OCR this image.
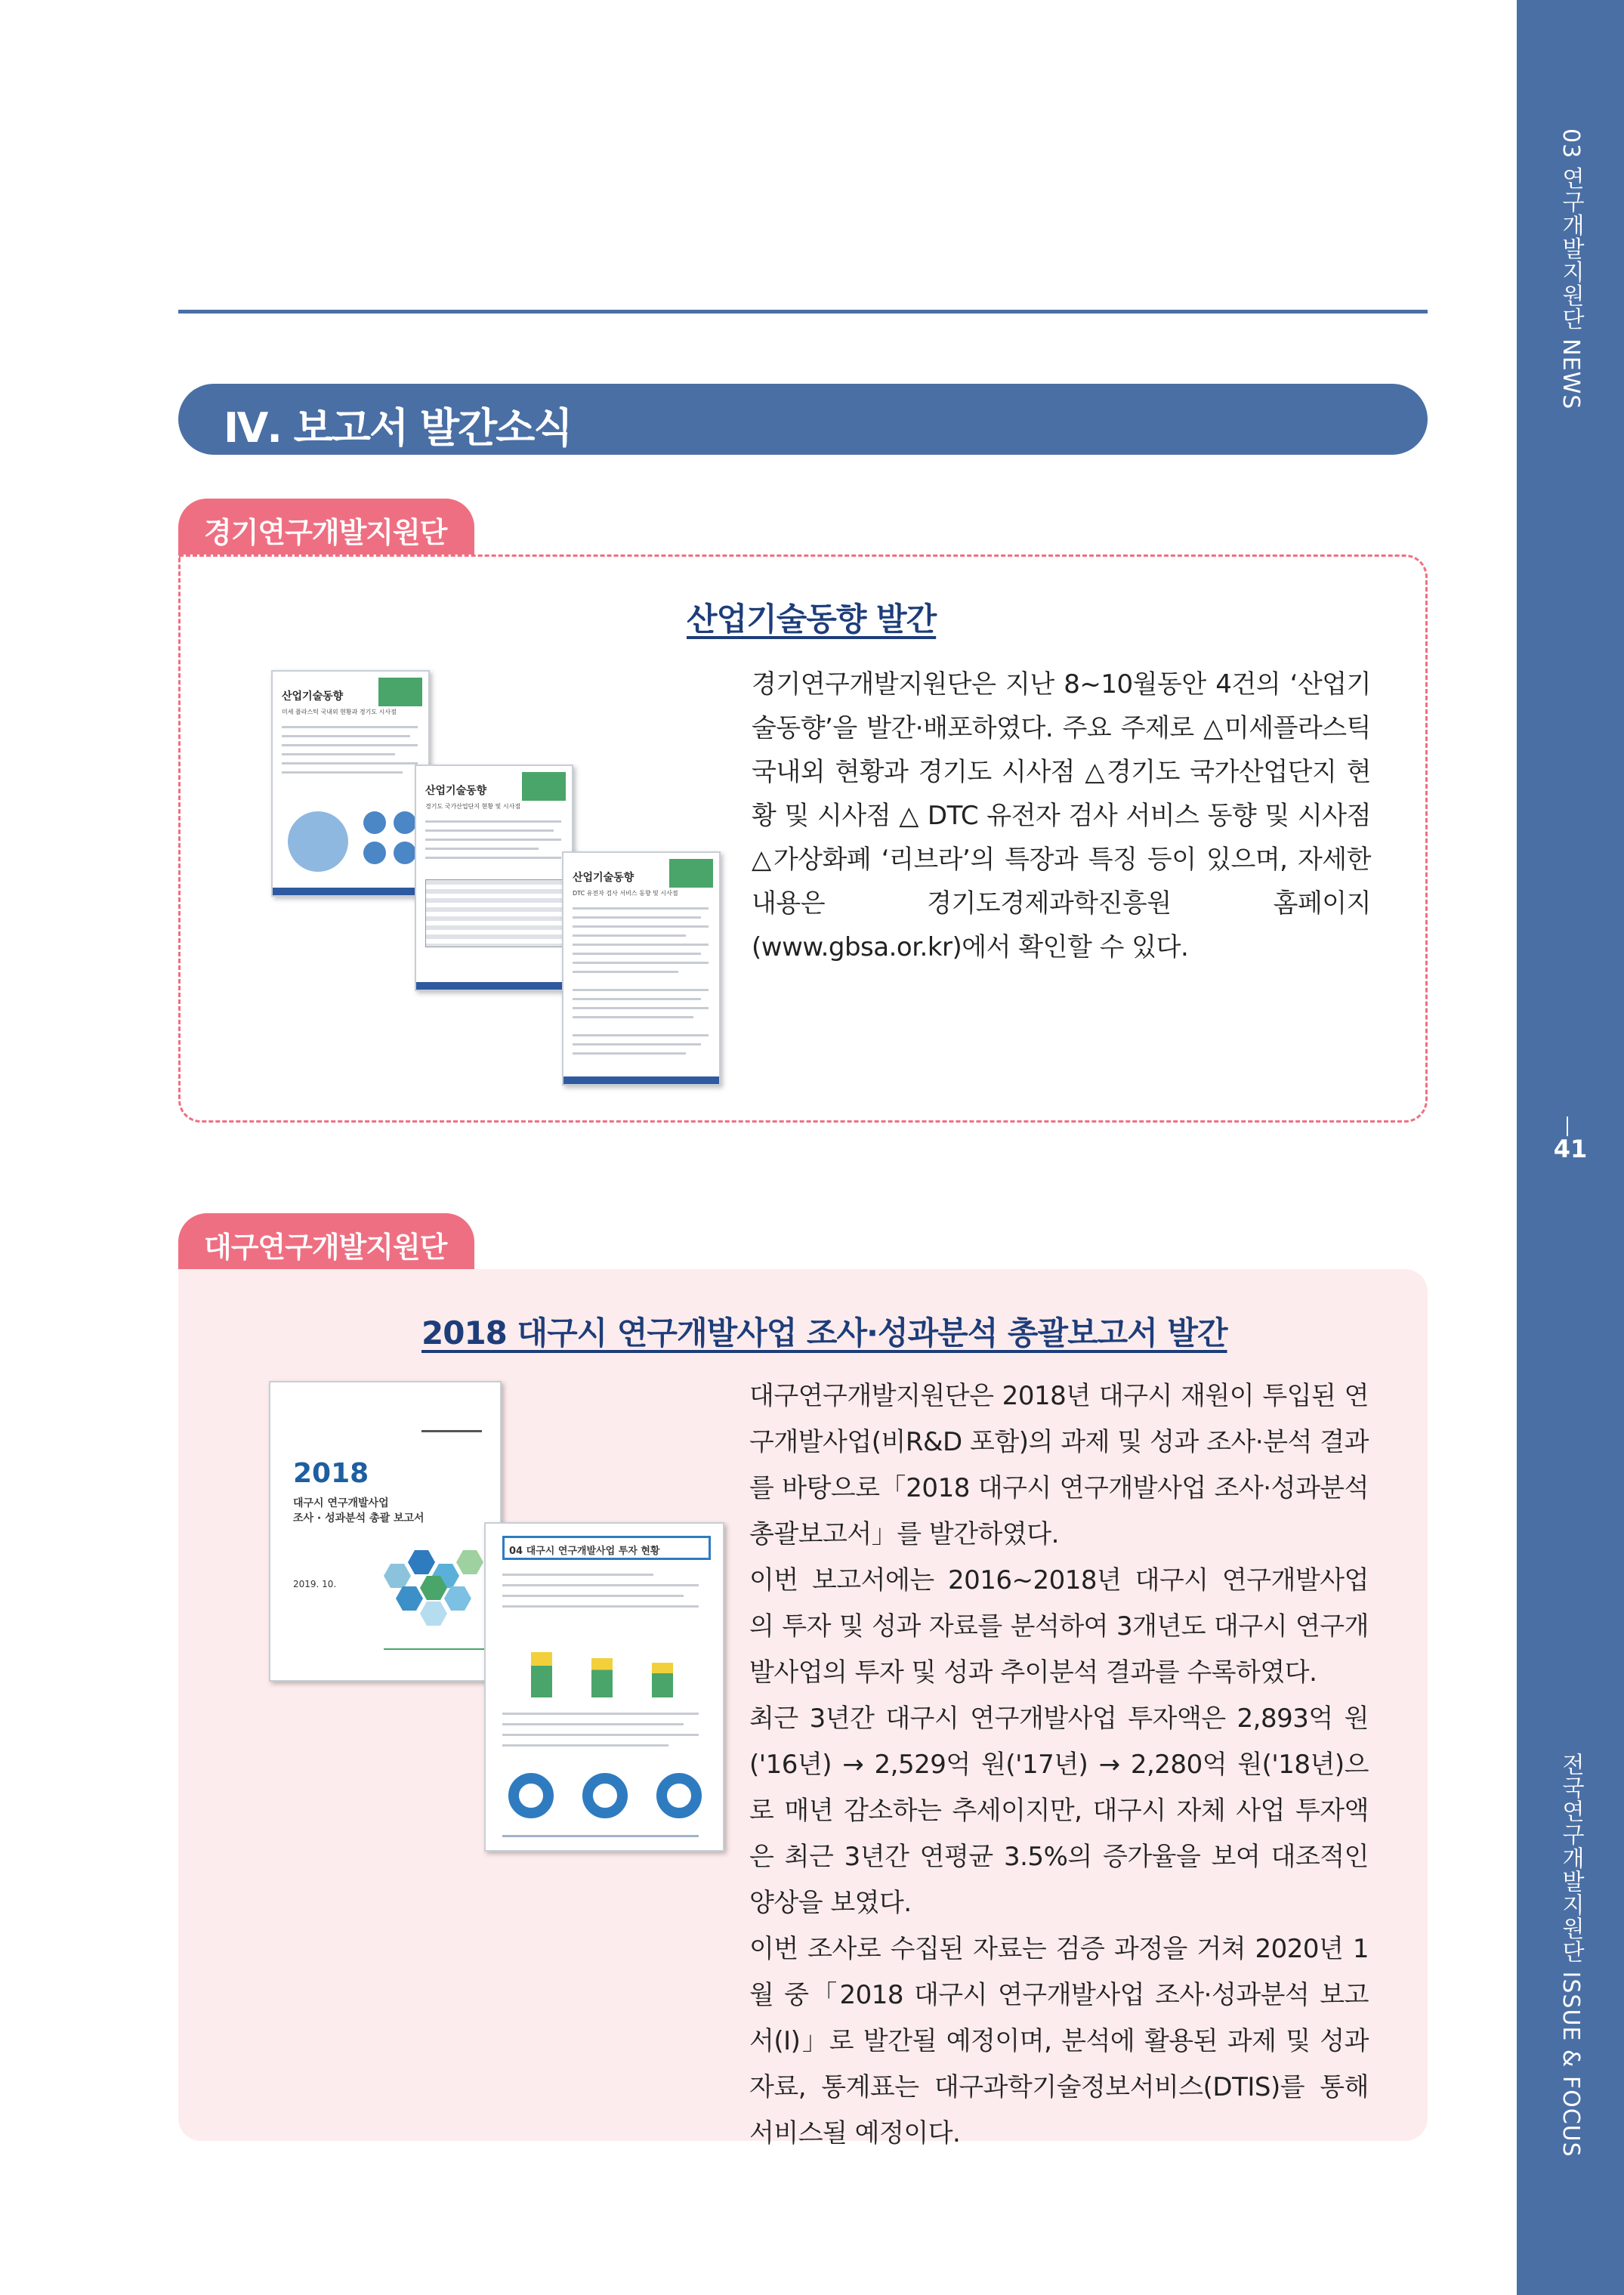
03 연구개발지원단 NEWS
41
전국연구개발지원단 ISSUE & FOCUS
Ⅳ. 보고서 발간소식
경기연구개발지원단
산업기술동향 발간
산업기술동향
미세 플라스틱 국내외 현황과 경기도 시사점
산업기술동향
경기도 국가산업단지 현황 및 시사점
산업기술동향
DTC 유전자 검사 서비스 동향 및 시사점
경기연구개발지원단은 지난 8~10월동안 4건의 ‘산업기술동향’을 발간·배포하였다. 주요 주제로 △미세플라스틱 국내외 현황과 경기도 시사점 △경기도 국가산업단지 현황 및 시사점 △ DTC 유전자 검사 서비스 동향 및 시사점 △가상화폐 ‘리브라’의 특장과 특징 등이 있으며, 자세한 내용은 경기도경제과학진흥원 홈페이지(www.gbsa.or.kr)에서 확인할 수 있다.
대구연구개발지원단
2018 대구시 연구개발사업 조사·성과분석 총괄보고서 발간
2018
대구시 연구개발사업
조사 · 성과분석 총괄 보고서
2019. 10.
04 대구시 연구개발사업 투자 현황

대구연구개발지원단은 2018년 대구시 재원이 투입된 연구개발사업(비R&D 포함)의 과제 및 성과 조사·분석 결과를 바탕으로「2018 대구시 연구개발사업 조사·성과분석 총괄보고서」를 발간하였다.

이번 보고서에는 2016~2018년 대구시 연구개발사업의 투자 및 성과 자료를 분석하여 3개년도 대구시 연구개발사업의 투자 및 성과 추이분석 결과를 수록하였다.

최근 3년간 대구시 연구개발사업 투자액은 2,893억 원('16년) → 2,529억 원('17년) → 2,280억 원('18년)으로 매년 감소하는 추세이지만, 대구시 자체 사업 투자액은 최근 3년간 연평균 3.5%의 증가율을 보여 대조적인 양상을 보였다.

이번 조사로 수집된 자료는 검증 과정을 거쳐 2020년 1월 중「2018 대구시 연구개발사업 조사·성과분석 보고서(I)」로 발간될 예정이며, 분석에 활용된 과제 및 성과자료, 통계표는 대구과학기술정보서비스(DTIS)를 통해 서비스될 예정이다.
